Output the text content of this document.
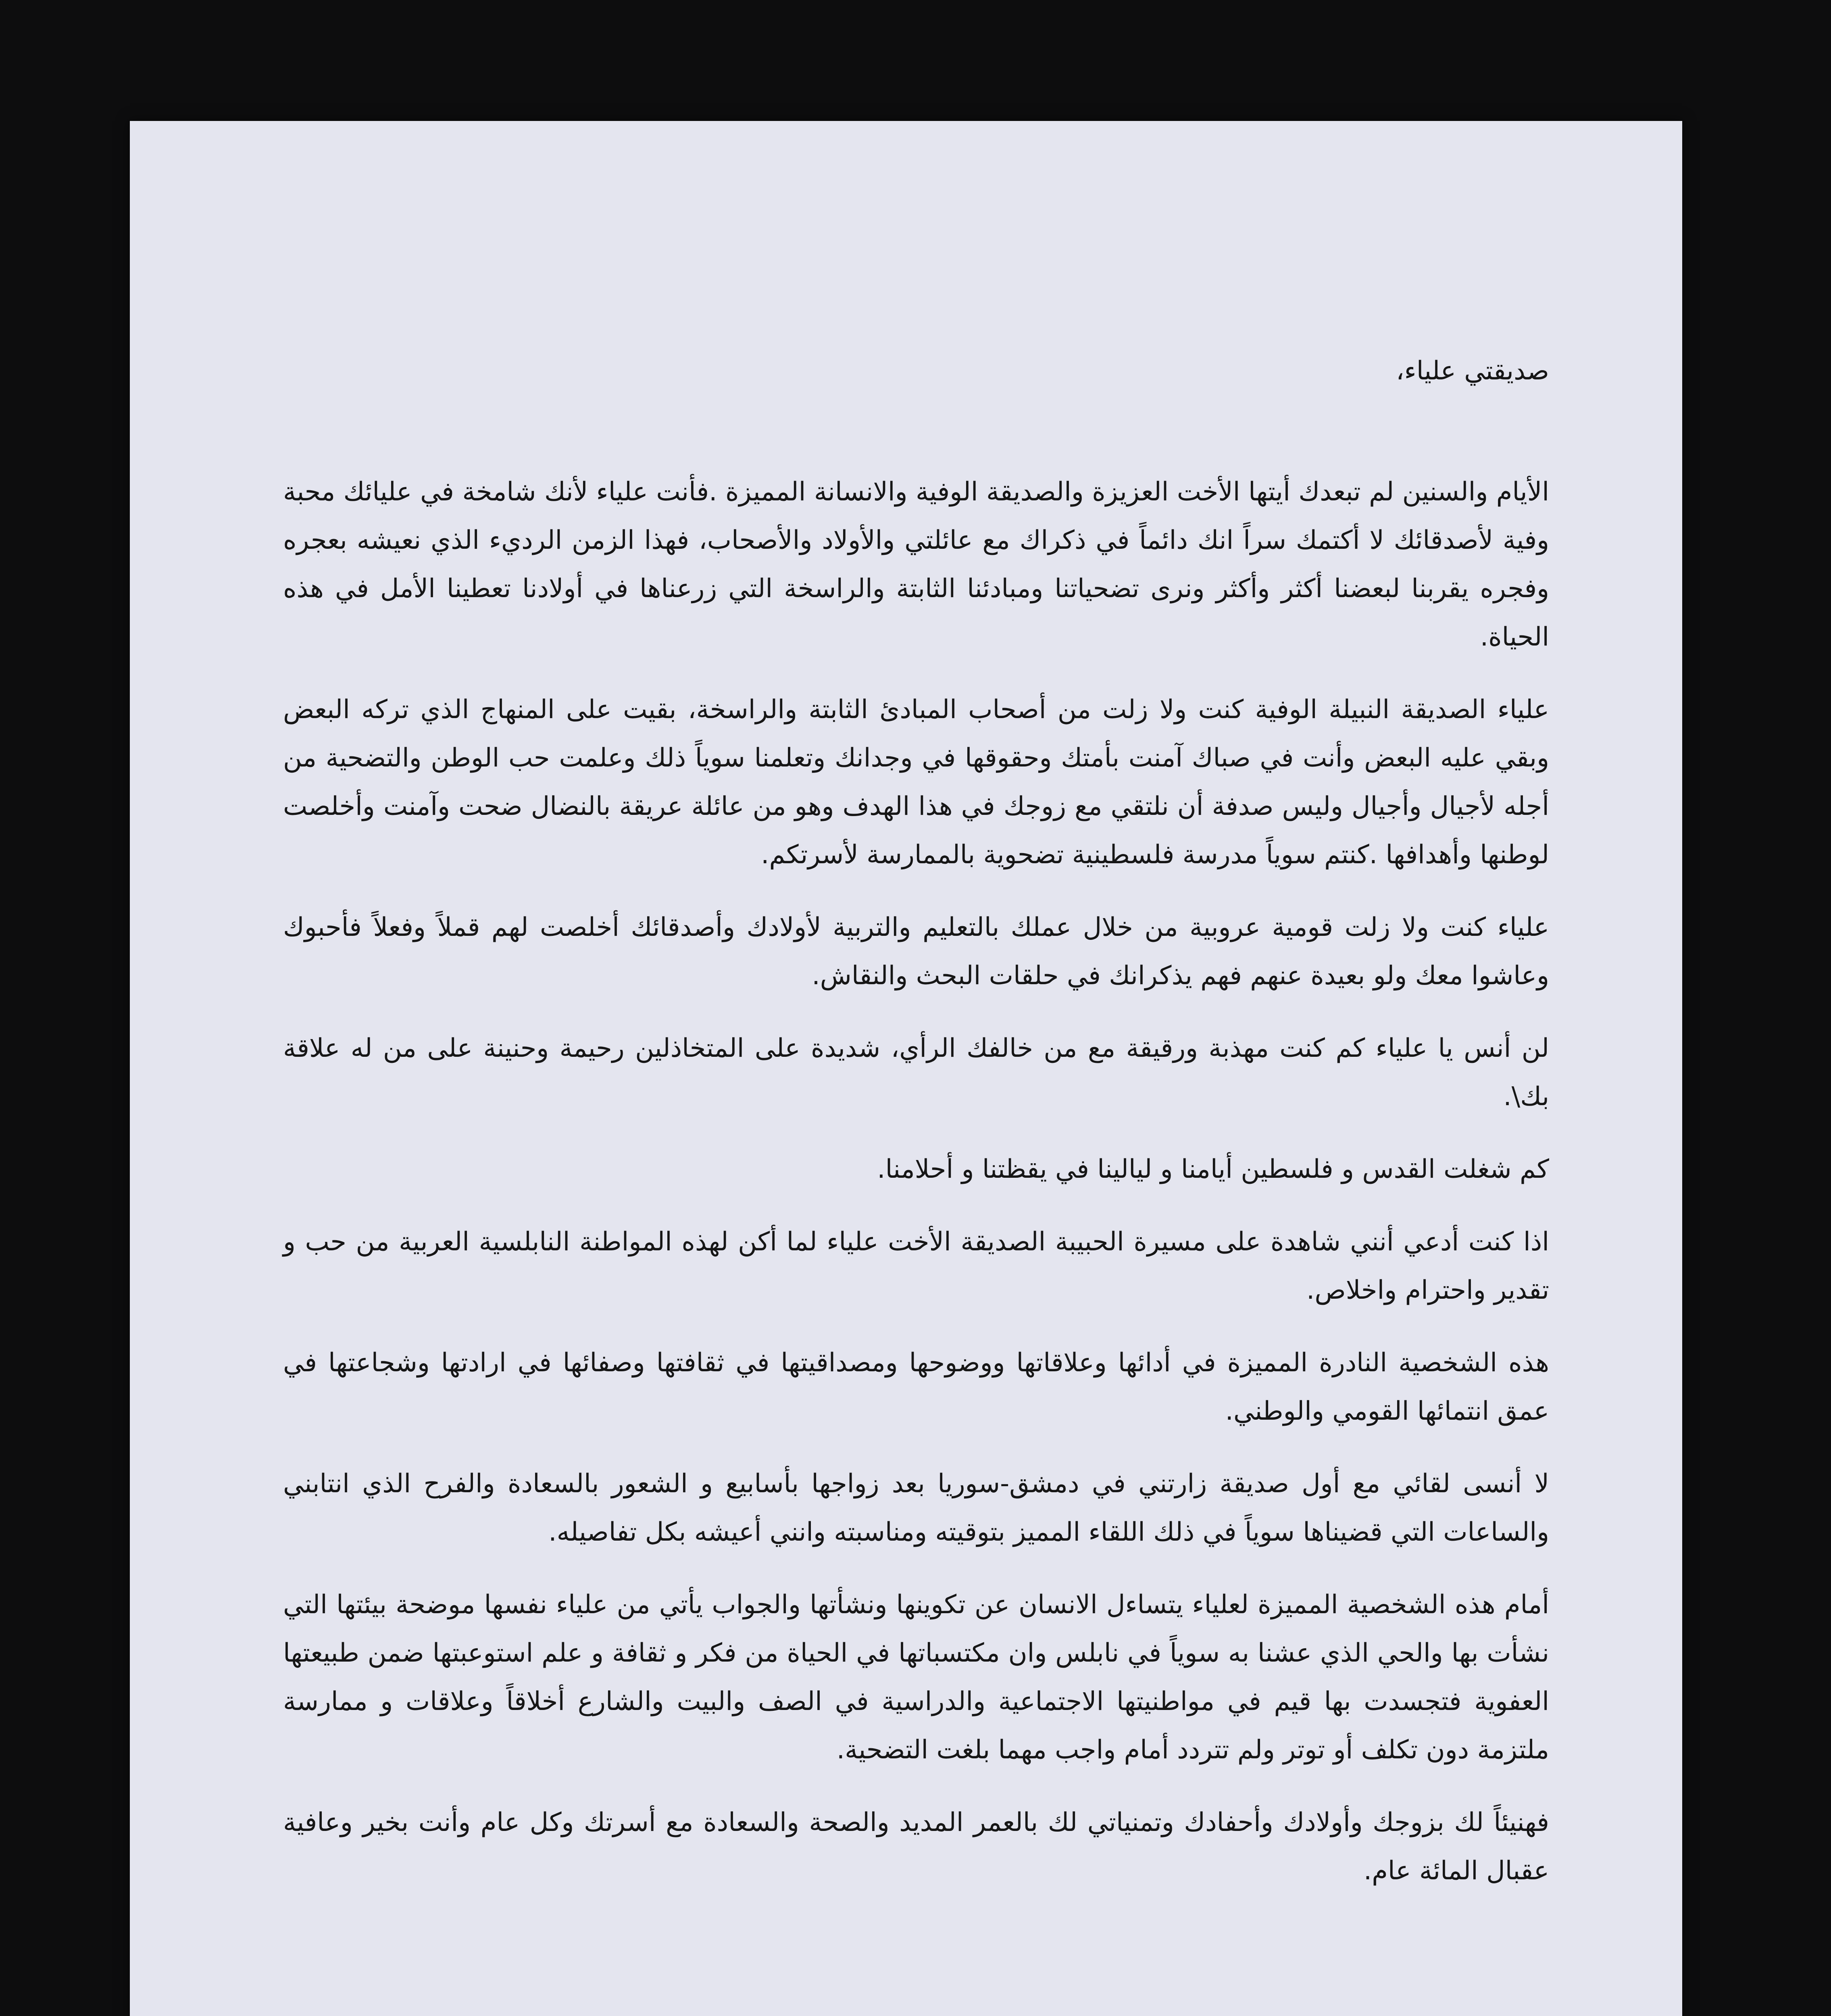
صديقتي علياء،

الأيام والسنين لم تبعدك أيتها الأخت العزيزة والصديقة الوفية والانسانة المميزة .فأنت علياء لأنك شامخة في عليائك محبة وفية لأصدقائك لا أكتمك سراً انك دائماً في ذكراك مع عائلتي والأولاد والأصحاب، فهذا الزمن الرديء الذي نعيشه بعجره وفجره يقربنا لبعضنا أكثر وأكثر ونرى تضحياتنا ومبادئنا الثابتة والراسخة التي زرعناها في أولادنا تعطينا الأمل في هذه الحياة.

علياء الصديقة النبيلة الوفية كنت ولا زلت من أصحاب المبادئ الثابتة والراسخة، بقيت على المنهاج الذي تركه البعض وبقي عليه البعض وأنت في صباك آمنت بأمتك وحقوقها في وجدانك وتعلمنا سوياً ذلك وعلمت حب الوطن والتضحية من أجله لأجيال وأجيال وليس صدفة أن نلتقي مع زوجك في هذا الهدف وهو من عائلة عريقة بالنضال ضحت وآمنت وأخلصت لوطنها وأهدافها .كنتم سوياً مدرسة فلسطينية تضحوية بالممارسة لأسرتكم.

علياء كنت ولا زلت قومية عروبية من خلال عملك بالتعليم والتربية لأولادك وأصدقائك أخلصت لهم قملاً وفعلاً فأحبوك وعاشوا معك ولو بعيدة عنهم فهم يذكرانك في حلقات البحث والنقاش.

لن أنس يا علياء كم كنت مهذبة ورقيقة مع من خالفك الرأي، شديدة على المتخاذلين رحيمة وحنينة على من له علاقة بك\.

كم شغلت القدس و فلسطين أيامنا و ليالينا في يقظتنا و أحلامنا.

اذا كنت أدعي أنني شاهدة على مسيرة الحبيبة الصديقة الأخت علياء لما أكن لهذه المواطنة النابلسية العربية من حب و تقدير واحترام واخلاص.

هذه الشخصية النادرة المميزة في أدائها وعلاقاتها ووضوحها ومصداقيتها في ثقافتها وصفائها في ارادتها وشجاعتها في عمق انتمائها القومي والوطني.

لا أنسى لقائي مع أول صديقة زارتني في دمشق-سوريا بعد زواجها بأسابيع و الشعور بالسعادة والفرح الذي انتابني والساعات التي قضيناها سوياً في ذلك اللقاء المميز بتوقيته ومناسبته وانني أعيشه بكل تفاصيله.

أمام هذه الشخصية المميزة لعلياء يتساءل الانسان عن تكوينها ونشأتها والجواب يأتي من علياء نفسها موضحة بيئتها التي نشأت بها والحي الذي عشنا به سوياً في نابلس وان مكتسباتها في الحياة من فكر و ثقافة و علم استوعبتها ضمن طبيعتها العفوية فتجسدت بها قيم في مواطنيتها الاجتماعية والدراسية في الصف والبيت والشارع أخلاقاً وعلاقات و ممارسة ملتزمة دون تكلف أو توتر ولم تتردد أمام واجب مهما بلغت التضحية.

فهنيئاً لك بزوجك وأولادك وأحفادك وتمنياتي لك بالعمر المديد والصحة والسعادة مع أسرتك وكل عام وأنت بخير وعافية عقبال المائة عام.
